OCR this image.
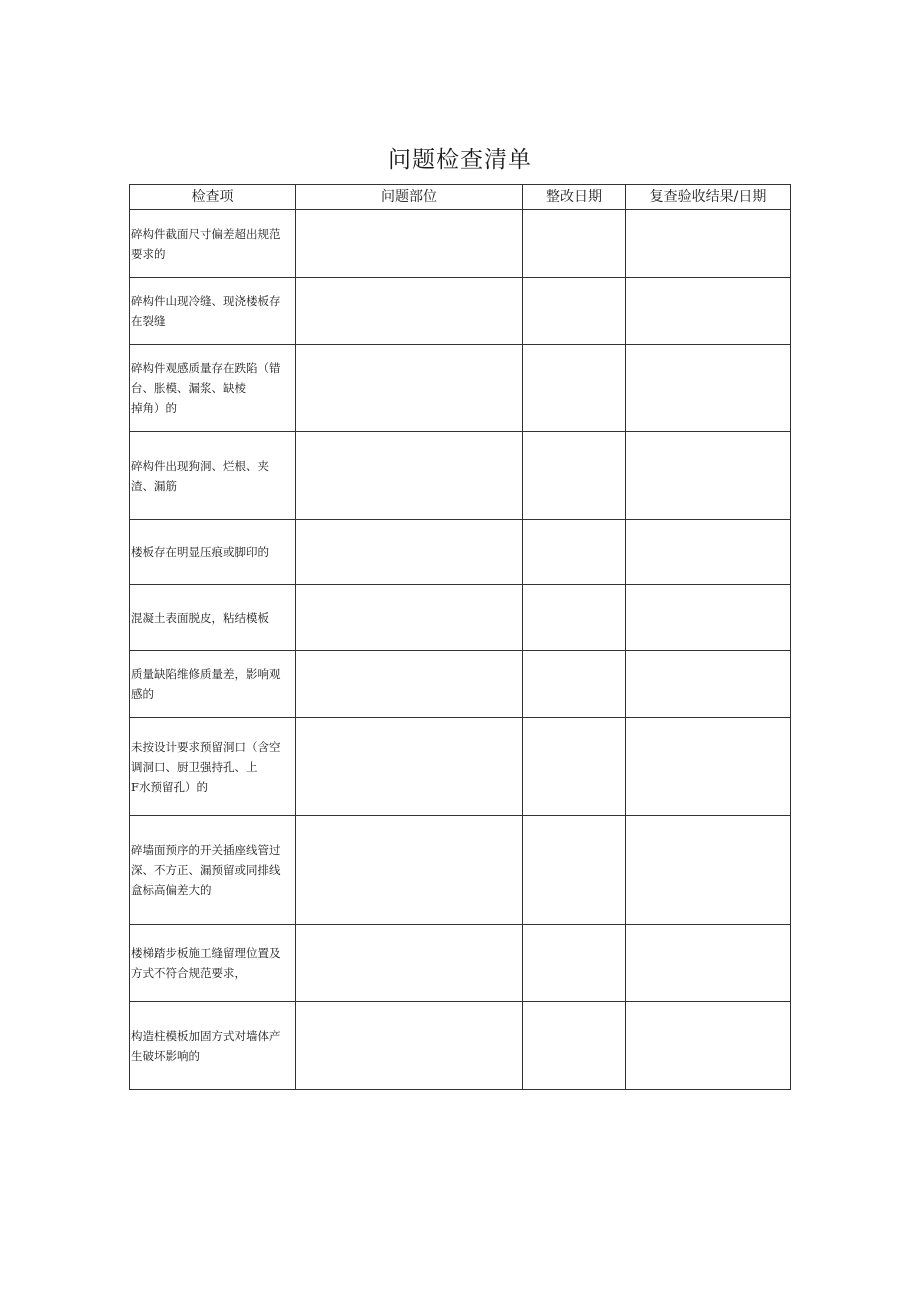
问题检查清单
检查项	问题部位	整改日期	复查验收结果/日期

碎构件截面尺寸偏差超出规范
要求的			

碎构件山现冷缝、现浇楼板存
在裂缝			

碎构件观感质量存在跌陷（错
台、胀模、漏浆、缺棱
掉角）的			

碎构件出现狗洞、烂根、夹
渣、漏筋			

楼板存在明显压痕或脚印的			

混凝土表面脱皮，粘结模板			

质量缺陷维修质量差，影响观
感的			

未按设计要求预留洞口（含空
调洞口、厨卫强持孔、上
F水预留孔）的			

碎墙面预序的开关插座线管过
深、不方正、漏预留或同排线
盒标高偏差大的			

楼梯踏步板施工缝留理位置及
方式不符合规范要求，			

构造柱模板加固方式对墙体产
生破坏影响的			
